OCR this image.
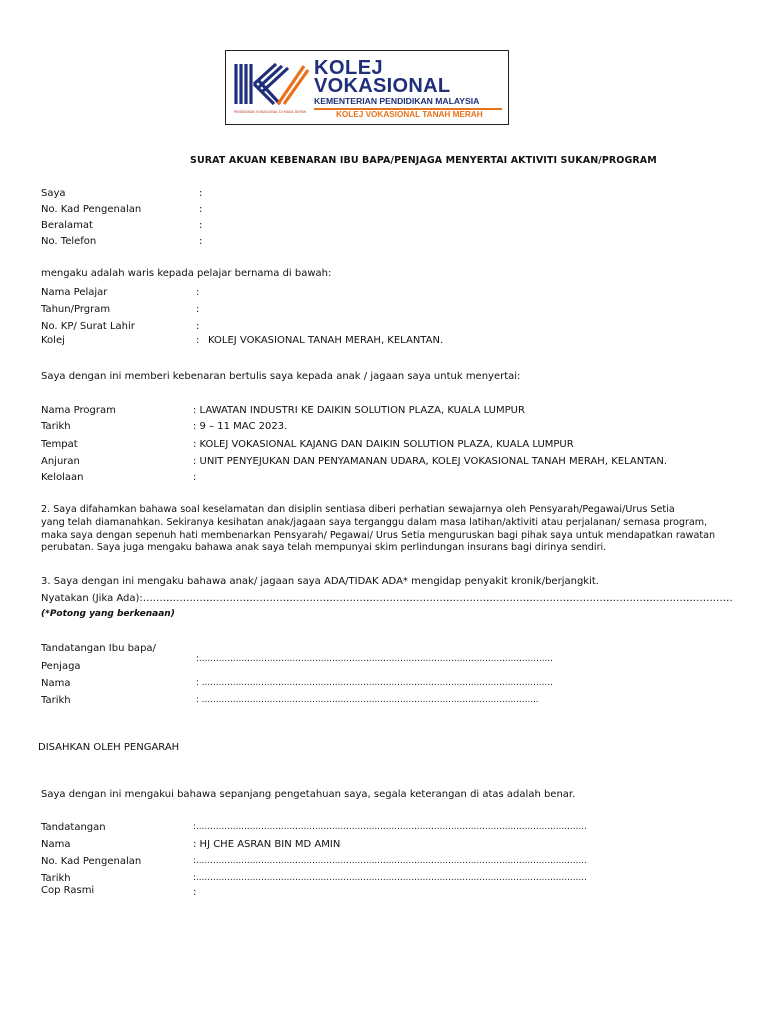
PENDIDIKAN VOKASIONAL DI MASA DEPAN
KOLEJ
VOKASIONAL
KEMENTERIAN PENDIDIKAN MALAYSIA
KOLEJ VOKASIONAL TANAH MERAH
SURAT AKUAN KEBENARAN IBU BAPA/PENJAGA MENYERTAI AKTIVITI SUKAN/PROGRAM
Saya	:
No. Kad Pengenalan	:
Beralamat	:
No. Telefon	:
mengaku adalah waris kepada pelajar bernama di bawah:
Nama Pelajar	:
Tahun/Prgram	:
No. KP/ Surat Lahir	:
Kolej	: KOLEJ VOKASIONAL TANAH MERAH, KELANTAN.
Saya dengan ini memberi kebenaran bertulis saya kepada anak / jagaan saya untuk menyertai:
Nama Program	: LAWATAN INDUSTRI KE DAIKIN SOLUTION PLAZA, KUALA LUMPUR
Tarikh	: 9 – 11 MAC 2023.
Tempat	: KOLEJ VOKASIONAL KAJANG DAN DAIKIN SOLUTION PLAZA, KUALA LUMPUR
Anjuran	: UNIT PENYEJUKAN DAN PENYAMANAN UDARA, KOLEJ VOKASIONAL TANAH MERAH, KELANTAN.
Kelolaan	:
2. Saya difahamkan bahawa soal keselamatan dan disiplin sentiasa diberi perhatian sewajarnya oleh Pensyarah/Pegawai/Urus Setia
yang telah diamanahkan. Sekiranya kesihatan anak/jagaan saya terganggu dalam masa latihan/aktiviti atau perjalanan/ semasa program,
maka saya dengan sepenuh hati membenarkan Pensyarah/ Pegawai/ Urus Setia menguruskan bagi pihak saya untuk mendapatkan rawatan
perubatan. Saya juga mengaku bahawa anak saya telah mempunyai skim perlindungan insurans bagi dirinya sendiri.
3. Saya dengan ini mengaku bahawa anak/ jagaan saya ADA/TIDAK ADA* mengidap penyakit kronik/berjangkit.
Nyatakan (Jika Ada):……………………………………………………………………………………………………………………………………………………………
(*Potong yang berkenaan)
Tandatangan Ibu bapa/
Penjaga
:……………………………………………………………………………………………………………..
Nama	: …………………………………………………………………………………………………………….
Tarikh	: ………………………………………………………………………………………………………..
DISAHKAN OLEH PENGARAH
Saya dengan ini mengakui bahawa sepanjang pengetahuan saya, segala keterangan di atas adalah benar.
Tandatangan	:…………………………………………………………………………………………………………………………
Nama	: HJ CHE ASRAN BIN MD AMIN
No. Kad Pengenalan	:…………………………………………………………………………………………………………………………
Tarikh	:…………………………………………………………………………………………………………………………
Cop Rasmi	:
